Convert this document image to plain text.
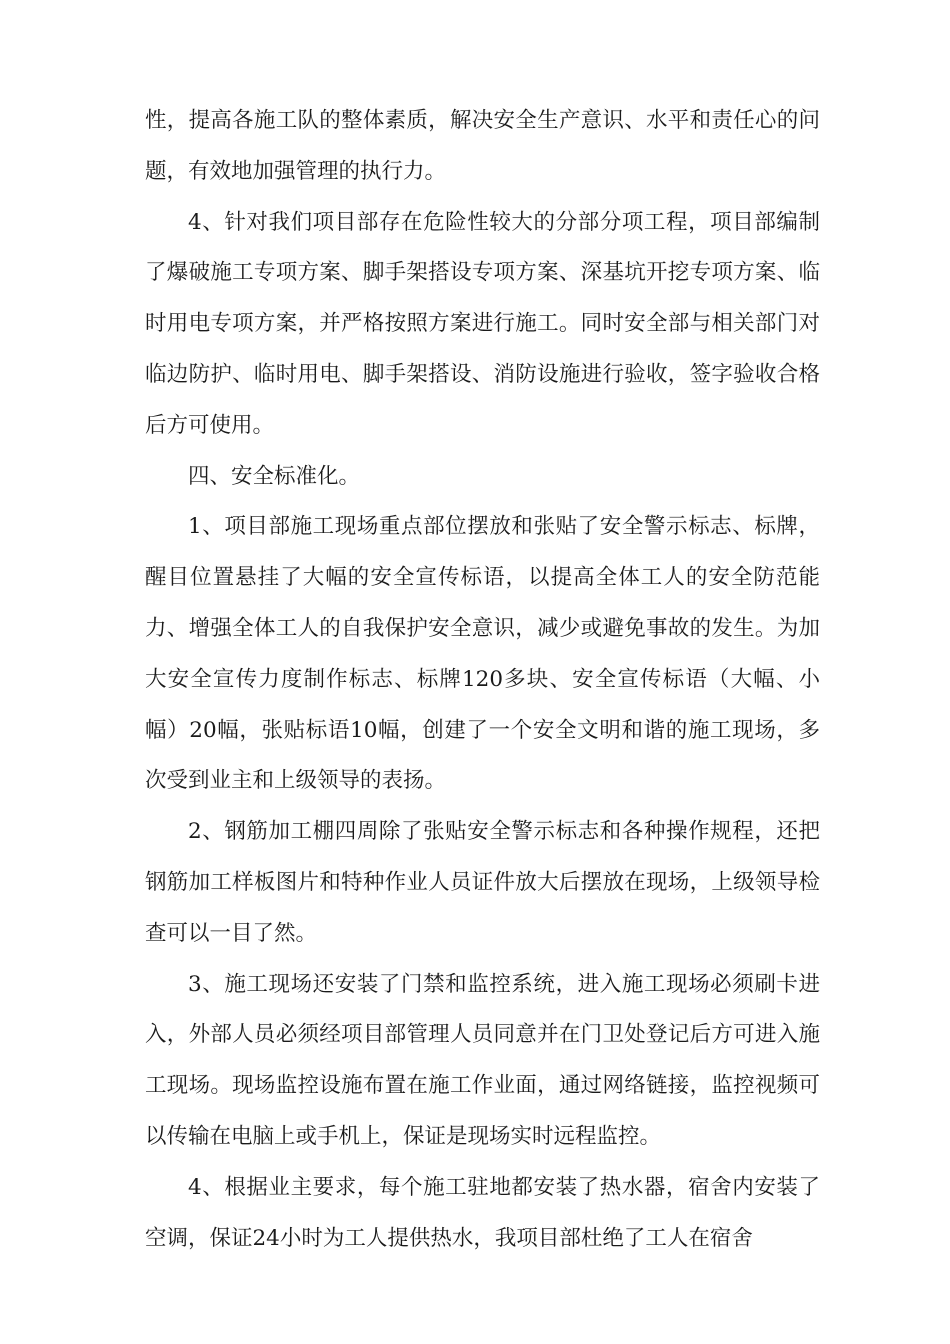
性，提高各施工队的整体素质，解决安全生产意识、水平和责任心的问题，有效地加强管理的执行力。

4、针对我们项目部存在危险性较大的分部分项工程，项目部编制了爆破施工专项方案、脚手架搭设专项方案、深基坑开挖专项方案、临时用电专项方案，并严格按照方案进行施工。同时安全部与相关部门对临边防护、临时用电、脚手架搭设、消防设施进行验收，签字验收合格后方可使用。

四、安全标准化。

1、项目部施工现场重点部位摆放和张贴了安全警示标志、标牌，醒目位置悬挂了大幅的安全宣传标语，以提高全体工人的安全防范能力、增强全体工人的自我保护安全意识，减少或避免事故的发生。为加大安全宣传力度制作标志、标牌120多块、安全宣传标语（大幅、小幅）20幅，张贴标语10幅，创建了一个安全文明和谐的施工现场，多次受到业主和上级领导的表扬。

2、钢筋加工棚四周除了张贴安全警示标志和各种操作规程，还把钢筋加工样板图片和特种作业人员证件放大后摆放在现场，上级领导检查可以一目了然。

3、施工现场还安装了门禁和监控系统，进入施工现场必须刷卡进入，外部人员必须经项目部管理人员同意并在门卫处登记后方可进入施工现场。现场监控设施布置在施工作业面，通过网络链接，监控视频可以传输在电脑上或手机上，保证是现场实时远程监控。

4、根据业主要求，每个施工驻地都安装了热水器，宿舍内安装了空调，保证24小时为工人提供热水，我项目部杜绝了工人在宿舍
